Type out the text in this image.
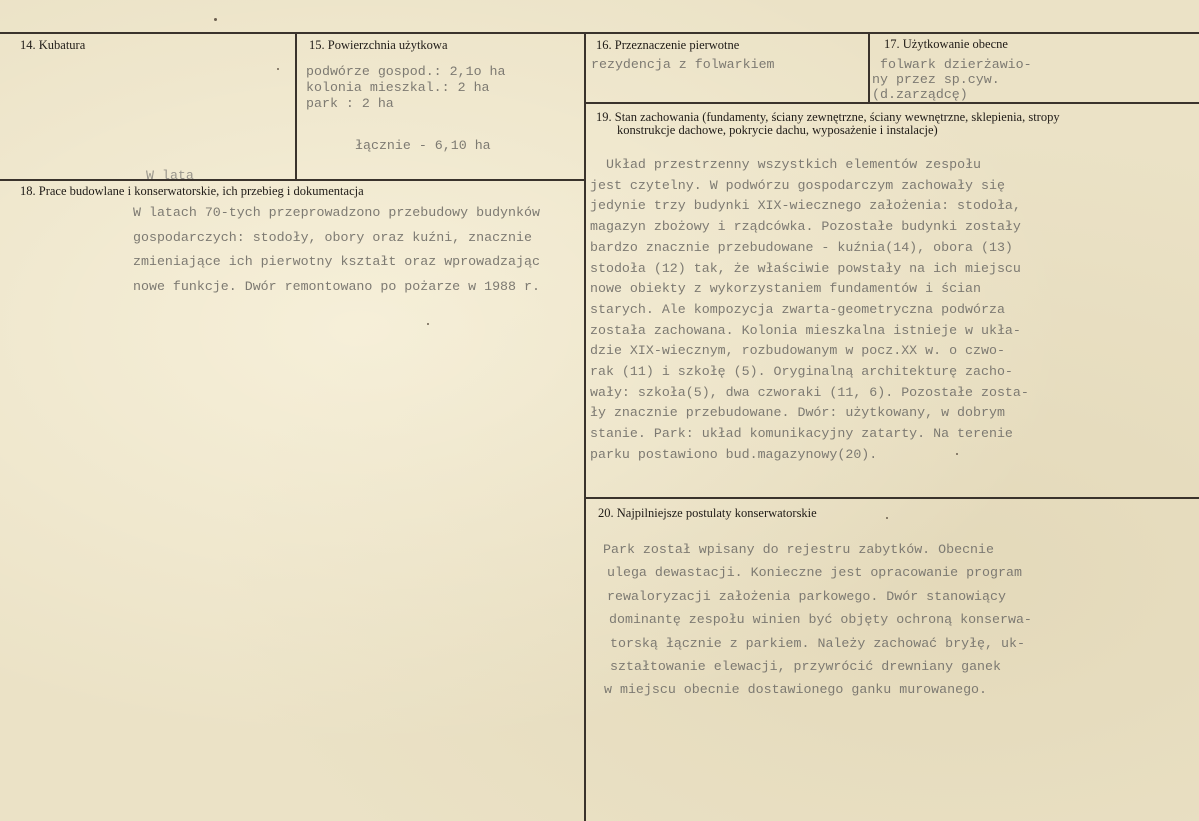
14. Kubatura	15. Powierzchnia użytkowa
podwórze gospod.: 2,1o ha
kolonia mieszkal.: 2 ha
park : 2 ha
łącznie - 6,10 ha
16. Przeznaczenie pierwotne
rezydencja z folwarkiem
17. Użytkowanie obecne
folwark dzierżawio-
ny przez sp.cyw.
(d.zarządcę)
18. Prace budowlane i konserwatorskie, ich przebieg i dokumentacja
W lata
W latach 70-tych przeprowadzono przebudowy budynków
gospodarczych: stodoły, obory oraz kuźni, znacznie
zmieniające ich pierwotny kształt oraz wprowadzając
nowe funkcje. Dwór remontowano po pożarze w 1988 r.
19. Stan zachowania (fundamenty, ściany zewnętrzne, ściany wewnętrzne, sklepienia, stropy
konstrukcje dachowe, pokrycie dachu, wyposażenie i instalacje)
Układ przestrzenny wszystkich elementów zespołu
jest czytelny. W podwórzu gospodarczym zachowały się
jedynie trzy budynki XIX-wiecznego założenia: stodoła,
magazyn zbożowy i rządcówka. Pozostałe budynki zostały
bardzo znacznie przebudowane - kuźnia(14), obora (13)
stodoła (12) tak, że właściwie powstały na ich miejscu
nowe obiekty z wykorzystaniem fundamentów i ścian
starych. Ale kompozycja zwarta-geometryczna podwórza
została zachowana. Kolonia mieszkalna istnieje w ukła-
dzie XIX-wiecznym, rozbudowanym w pocz.XX w. o czwo-
rak (11) i szkołę (5). Oryginalną architekturę zacho-
wały: szkoła(5), dwa czworaki (11, 6). Pozostałe zosta-
ły znacznie przebudowane. Dwór: użytkowany, w dobrym
stanie. Park: układ komunikacyjny zatarty. Na terenie
parku postawiono bud.magazynowy(20).
20. Najpilniejsze postulaty konserwatorskie
Park został wpisany do rejestru zabytków. Obecnie
ulega dewastacji. Konieczne jest opracowanie program
rewaloryzacji założenia parkowego. Dwór stanowiący
dominantę zespołu winien być objęty ochroną konserwa-
torską łącznie z parkiem. Należy zachować bryłę, uk-
ształtowanie elewacji, przywrócić drewniany ganek
w miejscu obecnie dostawionego ganku murowanego.
